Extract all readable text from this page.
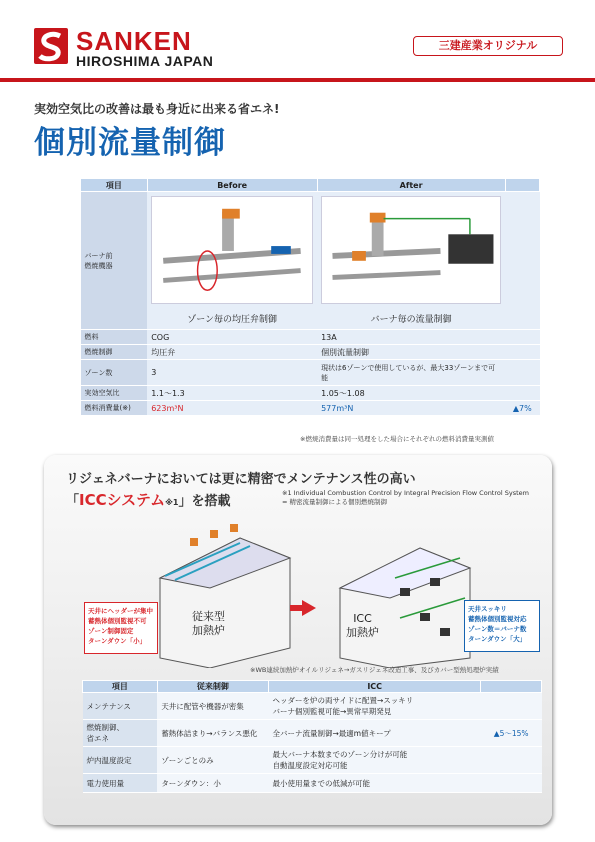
SANKEN
HIROSHIMA JAPAN
三建産業オリジナル
実効空気比の改善は最も身近に出来る省エネ!
個別流量制御
項目	Before	After	
バーナ前
燃焼機器	ゾーン毎の均圧弁制御	バーナ毎の流量制御	

燃料	COG	13A	
燃焼制御	均圧弁	個別流量制御	
ゾーン数	3	現状は6ゾーンで使用しているが、最大33ゾーンまで可能	
実効空気比	1.1～1.3	1.05～1.08	
燃料消費量(※)	623m³N	577m³N	▲7%
※燃焼消費量は同一処理をした場合にそれぞれの燃料消費量実測値
リジェネバーナにおいては更に精密でメンテナンス性の高い
「ICCシステム※1」を搭載
※1 Individual Combustion Control by Integral Precision Flow Control System
= 精密流量制御による個別燃焼制御
従来型
加熱炉
ICC
加熱炉
天井にヘッダーが集中
蓄熱体個別監視不可
ゾーン制御固定
ターンダウン「小」
天井スッキリ
蓄熱体個別監視対応
ゾーン数＝バーナ数
ターンダウン「大」
※WB連続加熱炉オイルリジェネ→ガスリジェネ改造工事、及びカバー型熱処理炉実績
項目	従来制御	ICC	
メンテナンス	天井に配管や機器が密集	ヘッダーを炉の両サイドに配置→スッキリ
バーナ個別監視可能→異常早期発見	
燃焼制御、
省エネ	蓄熱体詰まり→バランス悪化	全バーナ流量制御→最適m値キープ	▲5～15%
炉内温度設定	ゾーンごとのみ	最大バーナ本数までのゾーン分けが可能
自動温度設定対応可能	
電力使用量	ターンダウン：小	最小使用量までの低減が可能	
